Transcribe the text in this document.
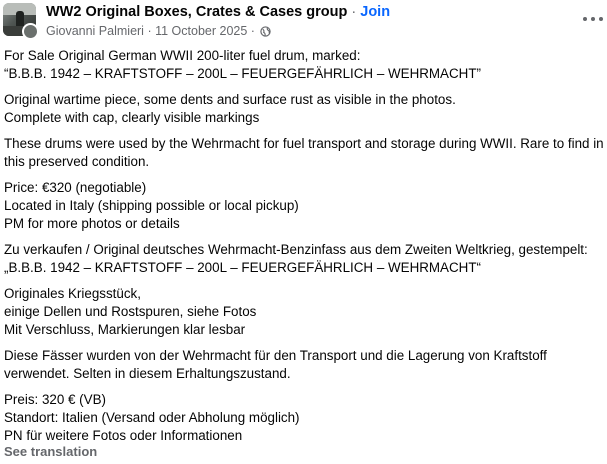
WW2 Original Boxes, Crates & Cases group · Join
Giovanni Palmieri · 11 October 2025 ·

For Sale Original German WWII 200-liter fuel drum, marked:
“B.B.B. 1942 – KRAFTSTOFF – 200L – FEUERGEFÄHRLICH – WEHRMACHT”

Original wartime piece, some dents and surface rust as visible in the photos.
Complete with cap, clearly visible markings

These drums were used by the Wehrmacht for fuel transport and storage during WWII. Rare to find in
this preserved condition.

Price: €320 (negotiable)
Located in Italy (shipping possible or local pickup)
PM for more photos or details

Zu verkaufen / Original deutsches Wehrmacht-Benzinfass aus dem Zweiten Weltkrieg, gestempelt:
„B.B.B. 1942 – KRAFTSTOFF – 200L – FEUERGEFÄHRLICH – WEHRMACHT“

Originales Kriegsstück,
einige Dellen und Rostspuren, siehe Fotos
Mit Verschluss, Markierungen klar lesbar

Diese Fässer wurden von der Wehrmacht für den Transport und die Lagerung von Kraftstoff
verwendet. Selten in diesem Erhaltungszustand.

Preis: 320 € (VB)
Standort: Italien (Versand oder Abholung möglich)
PN für weitere Fotos oder Informationen

See translation
